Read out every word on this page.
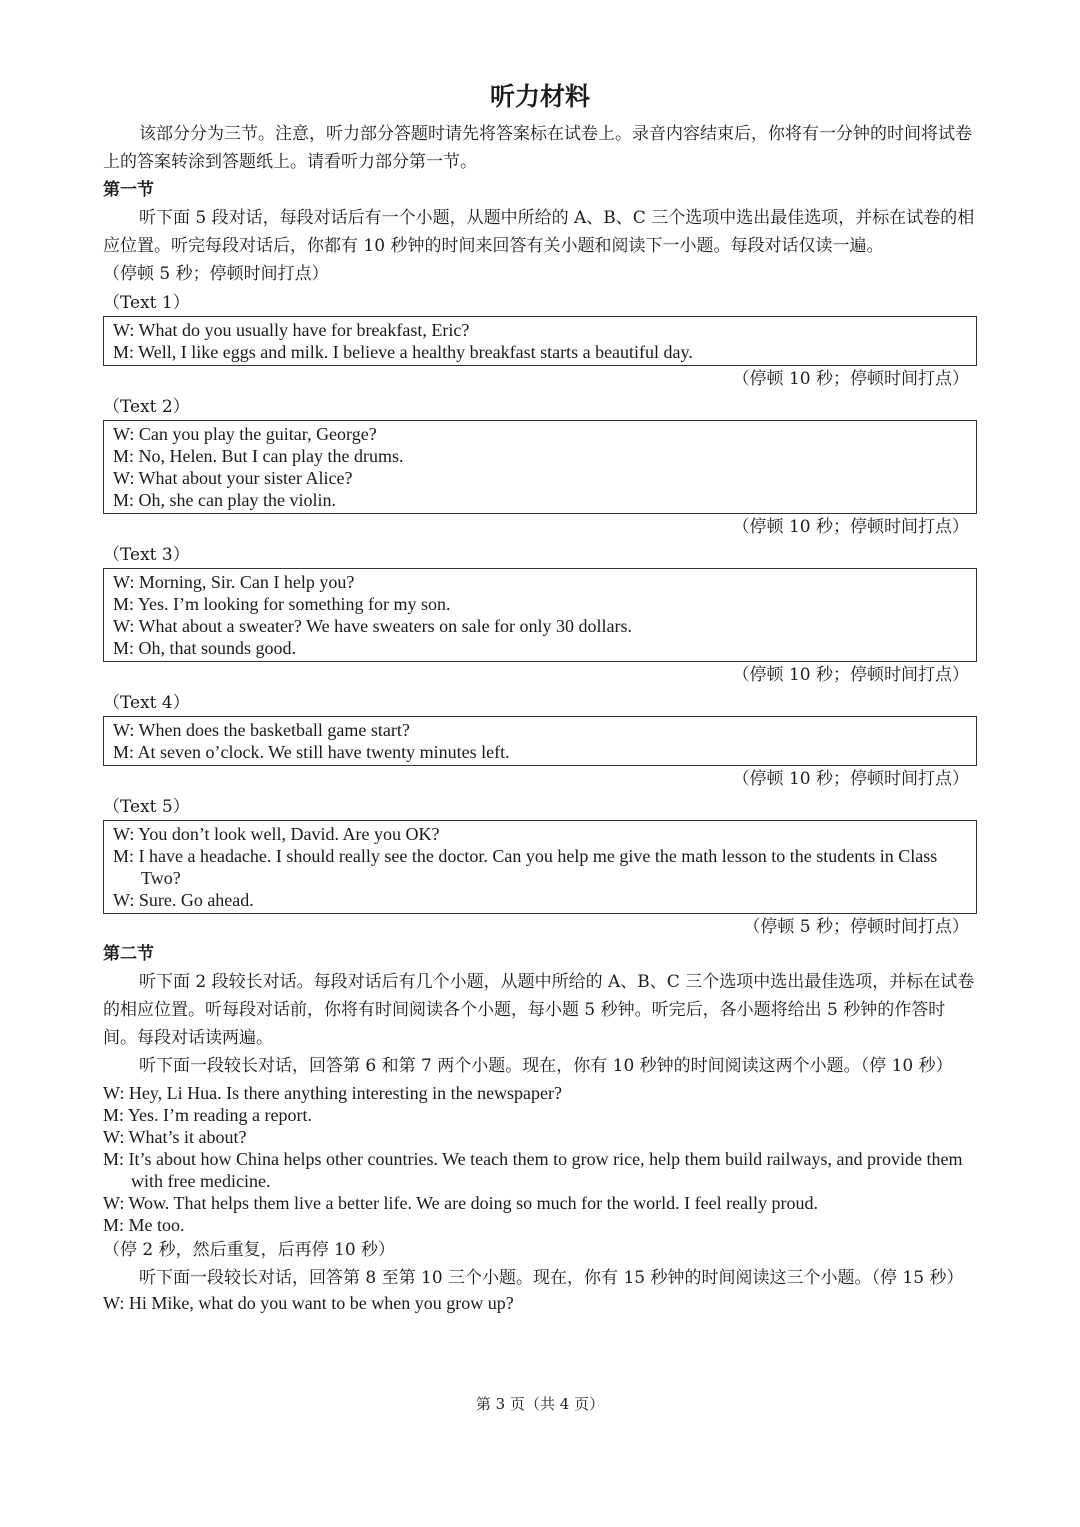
听力材料

该部分分为三节。注意，听力部分答题时请先将答案标在试卷上。录音内容结束后，你将有一分钟的时间将试卷上的答案转涂到答题纸上。请看听力部分第一节。

第一节

听下面 5 段对话，每段对话后有一个小题，从题中所给的 A、B、C 三个选项中选出最佳选项，并标在试卷的相应位置。听完每段对话后，你都有 10 秒钟的时间来回答有关小题和阅读下一小题。每段对话仅读一遍。

（停顿 5 秒；停顿时间打点）

（Text 1）
W: What do you usually have for breakfast, Eric?
M: Well, I like eggs and milk. I believe a healthy breakfast starts a beautiful day.
（停顿 10 秒；停顿时间打点）
（Text 2）
W: Can you play the guitar, George?
M: No, Helen. But I can play the drums.
W: What about your sister Alice?
M: Oh, she can play the violin.
（停顿 10 秒；停顿时间打点）
（Text 3）
W: Morning, Sir. Can I help you?
M: Yes. I’m looking for something for my son.
W: What about a sweater? We have sweaters on sale for only 30 dollars.
M: Oh, that sounds good.
（停顿 10 秒；停顿时间打点）
（Text 4）
W: When does the basketball game start?
M: At seven o’clock. We still have twenty minutes left.
（停顿 10 秒；停顿时间打点）
（Text 5）
W: You don’t look well, David. Are you OK?
M: I have a headache. I should really see the doctor. Can you help me give the math lesson to the students in Class Two?
W: Sure. Go ahead.
（停顿 5 秒；停顿时间打点）
第二节

听下面 2 段较长对话。每段对话后有几个小题，从题中所给的 A、B、C 三个选项中选出最佳选项，并标在试卷的相应位置。听每段对话前，你将有时间阅读各个小题，每小题 5 秒钟。听完后，各小题将给出 5 秒钟的作答时间。每段对话读两遍。

听下面一段较长对话，回答第 6 和第 7 两个小题。现在，你有 10 秒钟的时间阅读这两个小题。（停 10 秒）

W: Hey, Li Hua. Is there anything interesting in the newspaper?
M: Yes. I’m reading a report.
W: What’s it about?
M: It’s about how China helps other countries. We teach them to grow rice, help them build railways, and provide them with free medicine.
W: Wow. That helps them live a better life. We are doing so much for the world. I feel really proud.
M: Me too.

（停 2 秒，然后重复，后再停 10 秒）

听下面一段较长对话，回答第 8 至第 10 三个小题。现在，你有 15 秒钟的时间阅读这三个小题。（停 15 秒）

W: Hi Mike, what do you want to be when you grow up?
第 3 页（共 4 页）
